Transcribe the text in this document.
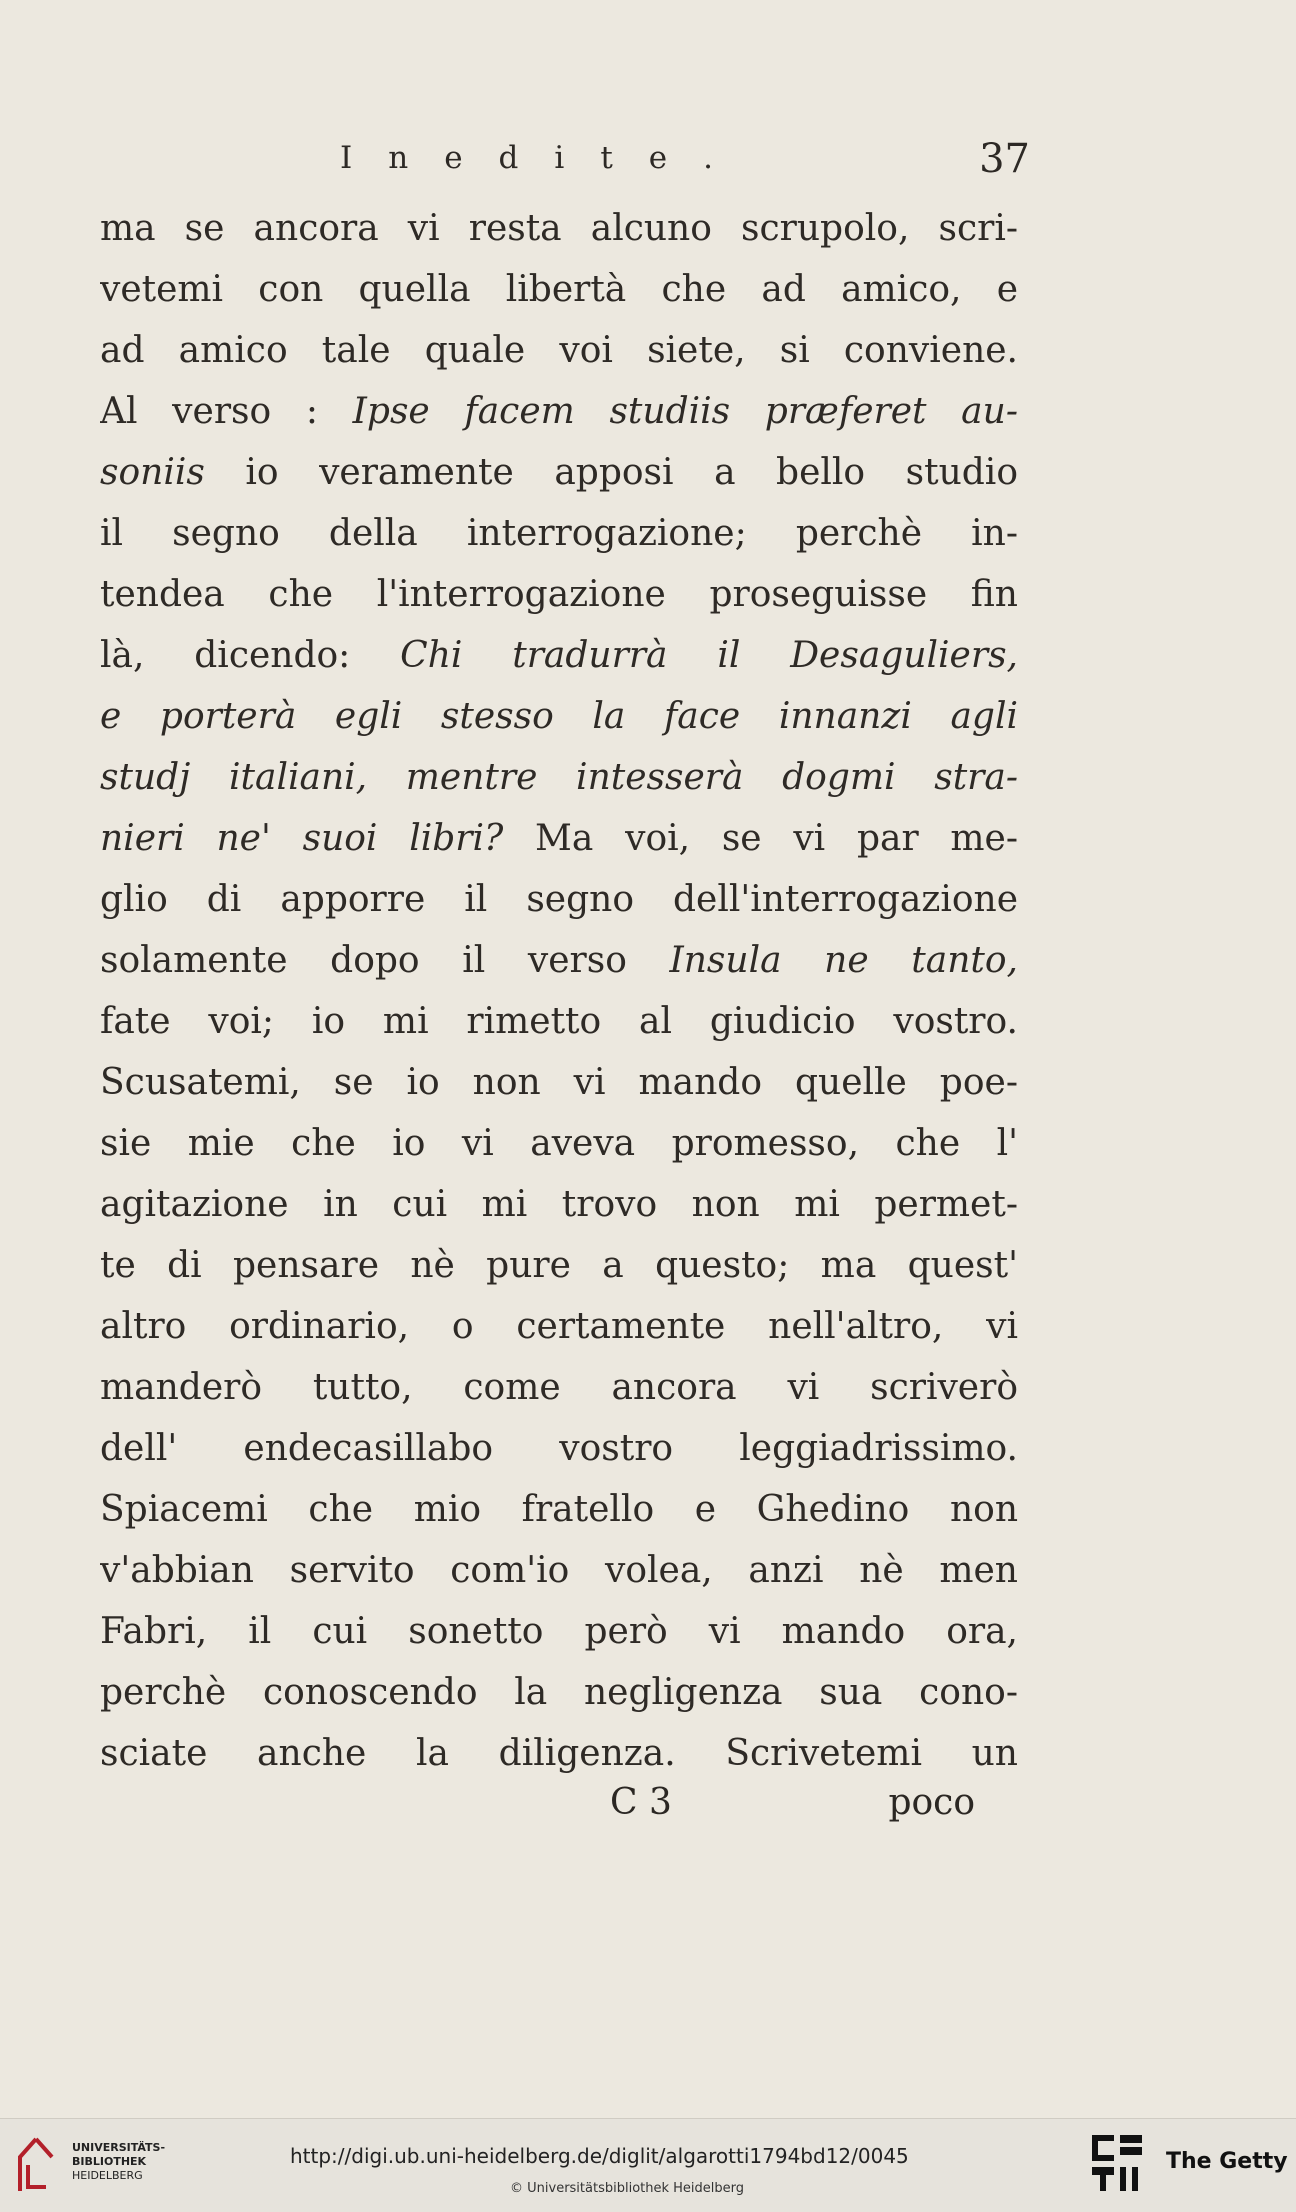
Inedite.	37
ma se ancora vi resta alcuno scrupolo, scri-
vetemi con quella libertà che ad amico, e
ad amico tale quale voi siete, si conviene.
Al verso : Ipse facem studiis præferet au-
soniis io veramente apposi a bello studio
il segno della interrogazione; perchè in-
tendea che l'interrogazione proseguisse fin
là, dicendo: Chi tradurrà il Desaguliers,
e porterà egli stesso la face innanzi agli
studj italiani, mentre intesserà dogmi stra-
nieri ne' suoi libri? Ma voi, se vi par me-
glio di apporre il segno dell'interrogazione
solamente dopo il verso Insula ne tanto,
fate voi; io mi rimetto al giudicio vostro.
Scusatemi, se io non vi mando quelle poe-
sie mie che io vi aveva promesso, che l'
agitazione in cui mi trovo non mi permet-
te di pensare nè pure a questo; ma quest'
altro ordinario, o certamente nell'altro, vi
manderò tutto, come ancora vi scriverò
dell' endecasillabo vostro leggiadrissimo.
Spiacemi che mio fratello e Ghedino non
v'abbian servito com'io volea, anzi nè men
Fabri, il cui sonetto però vi mando ora,
perchè conoscendo la negligenza sua cono-
sciate anche la diligenza. Scrivetemi un
C 3	poco
UNIVERSITÄTS-
BIBLIOTHEK
HEIDELBERG
http://digi.ub.uni-heidelberg.de/diglit/algarotti1794bd12/0045
© Universitätsbibliothek Heidelberg
The Getty
